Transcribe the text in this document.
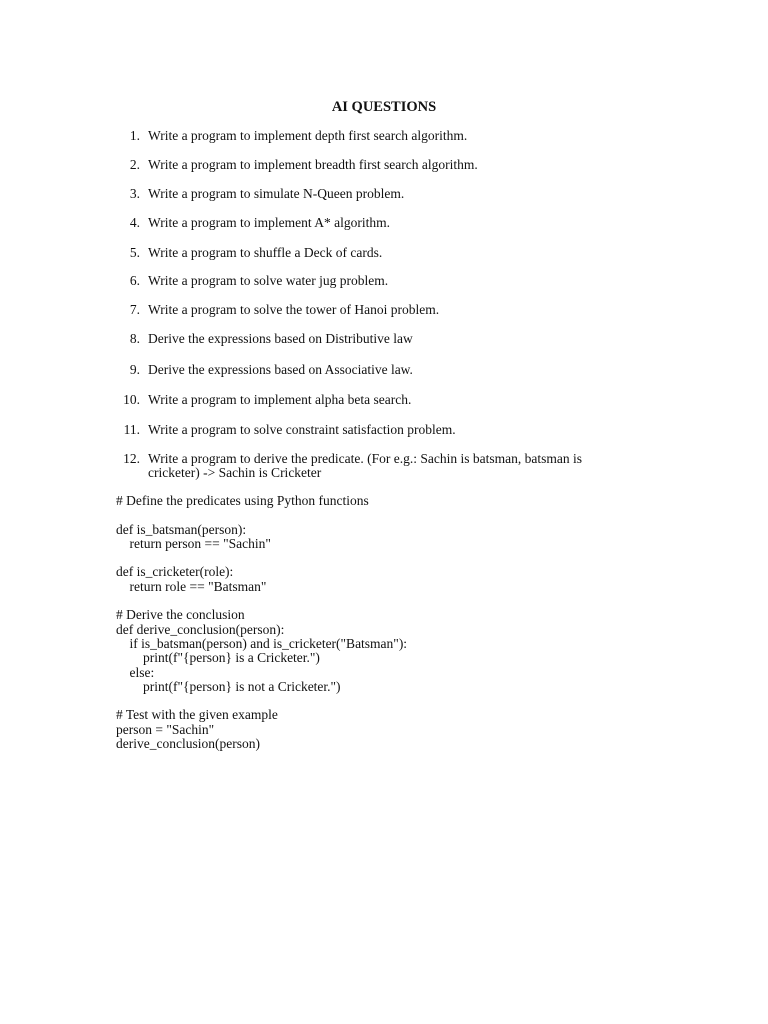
AI QUESTIONS
1. Write a program to implement depth first search algorithm.
2. Write a program to implement breadth first search algorithm.
3. Write a program to simulate N-Queen problem.
4. Write a program to implement A* algorithm.
5. Write a program to shuffle a Deck of cards.
6. Write a program to solve water jug problem.
7. Write a program to solve the tower of Hanoi problem.
8. Derive the expressions based on Distributive law
9. Derive the expressions based on Associative law.
10. Write a program to implement alpha beta search.
11. Write a program to solve constraint satisfaction problem.
12. Write a program to derive the predicate. (For e.g.: Sachin is batsman, batsman is cricketer) -> Sachin is Cricketer
# Define the predicates using Python functions

def is_batsman(person):
return person == "Sachin"

def is_cricketer(role):
return role == "Batsman"

# Derive the conclusion
def derive_conclusion(person):
if is_batsman(person) and is_cricketer("Batsman"):
print(f"{person} is a Cricketer.")
else:
print(f"{person} is not a Cricketer.")

# Test with the given example
person = "Sachin"
derive_conclusion(person)
